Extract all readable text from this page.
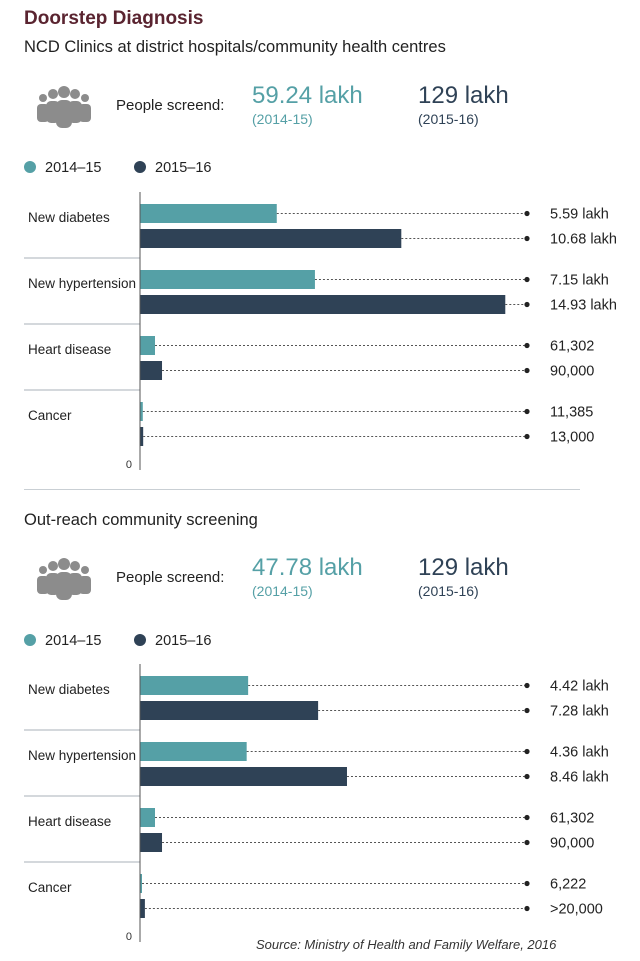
Doorstep Diagnosis
NCD Clinics at district hospitals/community health centres
People screend: 59.24 lakh
(2014-15)
129 lakh
(2015-16)
2014–15	2015–16
New diabetes	5.59 lakh
10.68 lakh
New hypertension	7.15 lakh
14.93 lakh
Heart disease	61,302
90,000
Cancer	11,385
13,000
0
Out-reach community screening
People screend: 47.78 lakh
(2014-15)
129 lakh
(2015-16)
2014–15	2015–16
New diabetes	4.42 lakh
7.28 lakh
New hypertension	4.36 lakh
8.46 lakh
Heart disease	61,302
90,000
Cancer	6,222
>20,000
0	Source: Ministry of Health and Family Welfare, 2016
